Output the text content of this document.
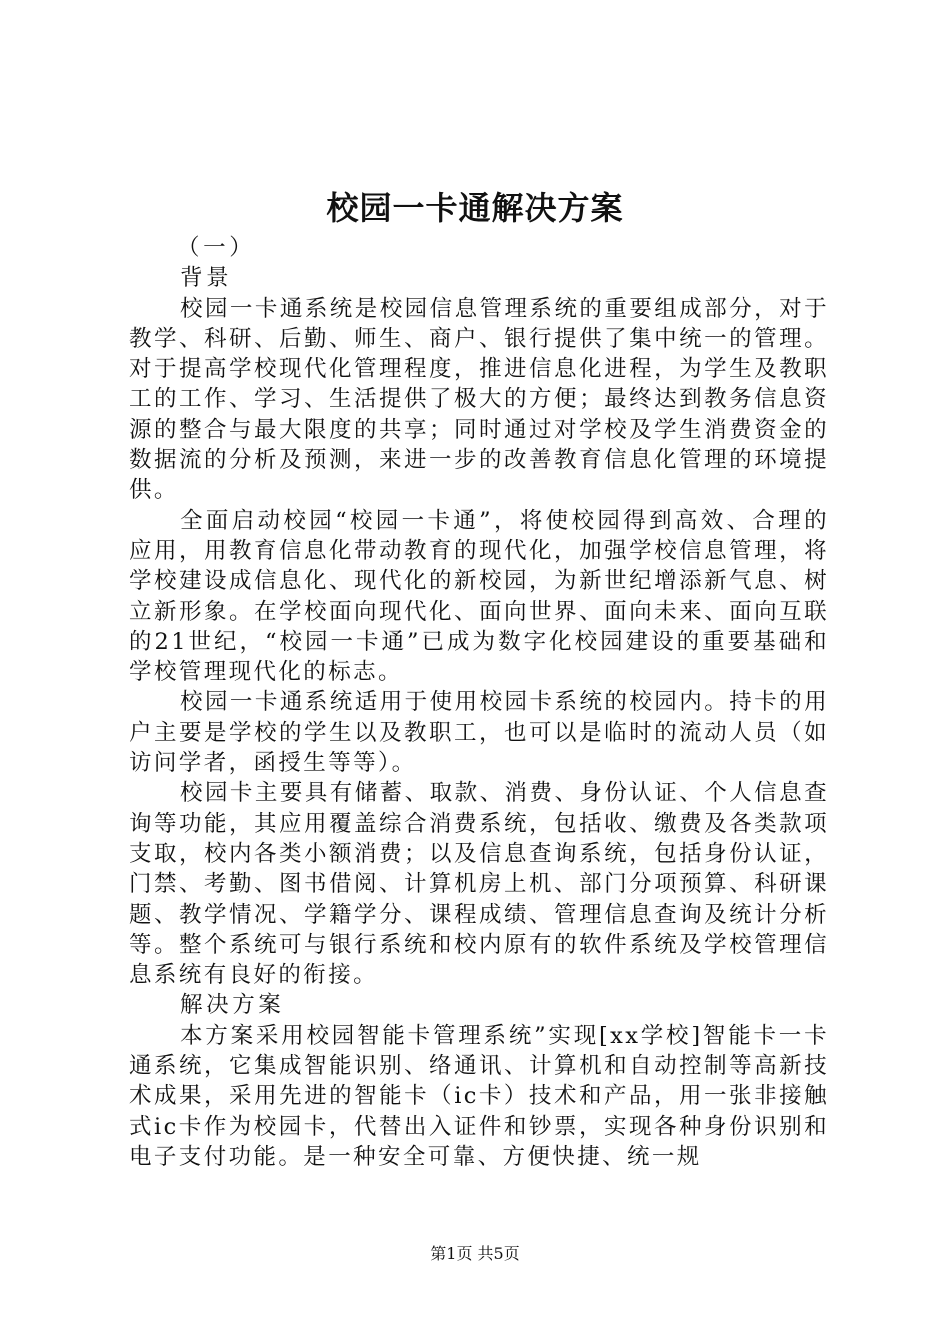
校园一卡通解决方案
（一）
背景

校园一卡通系统是校园信息管理系统的重要组成部分，对于教学、科研、后勤、师生、商户、银行提供了集中统一的管理。对于提高学校现代化管理程度，推进信息化进程，为学生及教职工的工作、学习、生活提供了极大的方便；最终达到教务信息资源的整合与最大限度的共享；同时通过对学校及学生消费资金的数据流的分析及预测，来进一步的改善教育信息化管理的环境提供。

全面启动校园“校园一卡通”，将使校园得到高效、合理的应用，用教育信息化带动教育的现代化，加强学校信息管理，将学校建设成信息化、现代化的新校园，为新世纪增添新气息、树立新形象。在学校面向现代化、面向世界、面向未来、面向互联的21世纪，“校园一卡通”已成为数字化校园建设的重要基础和学校管理现代化的标志。

校园一卡通系统适用于使用校园卡系统的校园内。持卡的用户主要是学校的学生以及教职工，也可以是临时的流动人员（如访问学者，函授生等等）。

校园卡主要具有储蓄、取款、消费、身份认证、个人信息查询等功能，其应用覆盖综合消费系统，包括收、缴费及各类款项支取，校内各类小额消费；以及信息查询系统，包括身份认证，门禁、考勤、图书借阅、计算机房上机、部门分项预算、科研课题、教学情况、学籍学分、课程成绩、管理信息查询及统计分析等。整个系统可与银行系统和校内原有的软件系统及学校管理信息系统有良好的衔接。

解决方案

本方案采用校园智能卡管理系统”实现[xx学校]智能卡一卡通系统，它集成智能识别、络通讯、计算机和自动控制等高新技术成果，采用先进的智能卡（ic卡）技术和产品，用一张非接触式ic卡作为校园卡，代替出入证件和钞票，实现各种身份识别和电子支付功能。是一种安全可靠、方便快捷、统一规

第1页 共5页
